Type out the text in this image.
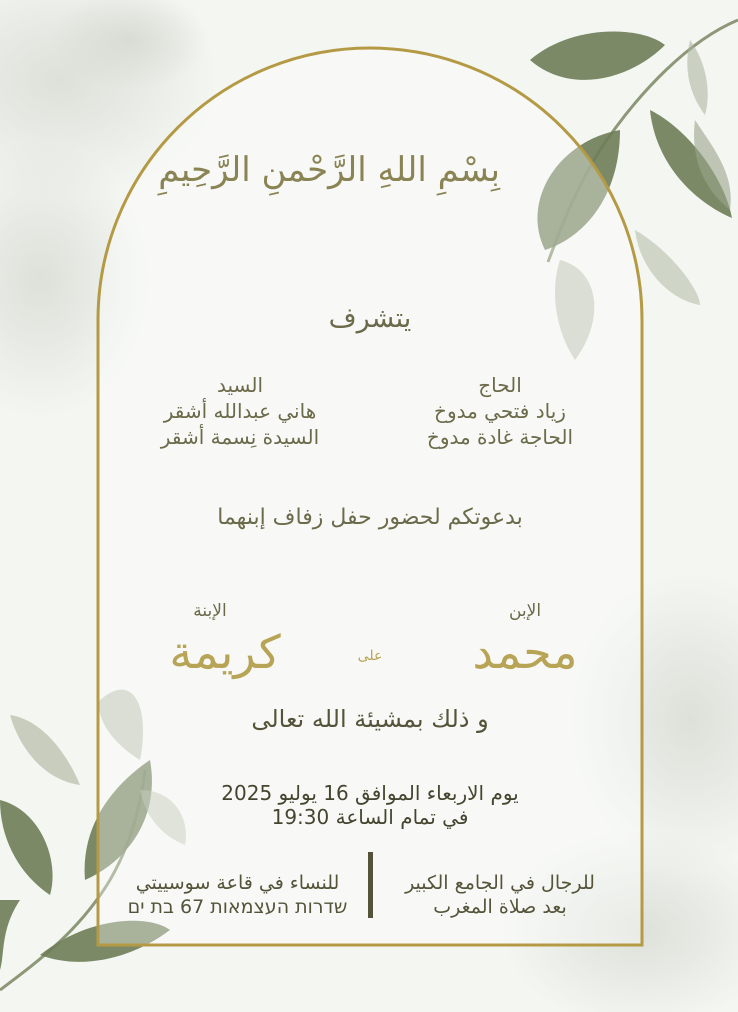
بِسْمِ اللهِ الرَّحْمنِ الرَّحِيمِ
يتشرف
الحاج
زياد فتحي مدوخ
الحاجة غادة مدوخ
السيد
هاني عبدالله أشقر
السيدة نِسمة أشقر
بدعوتكم لحضور حفل زفاف إبنهما
الإبن
الإبنة
محمد
على
كريمة
و ذلك بمشيئة الله تعالى
يوم الاربعاء الموافق 16 يوليو 2025
في تمام الساعة 19:30
للرجال في الجامع الكبير
بعد صلاة المغرب
للنساء في قاعة سوسييتي
שדרות העצמאות 67 בת ים
